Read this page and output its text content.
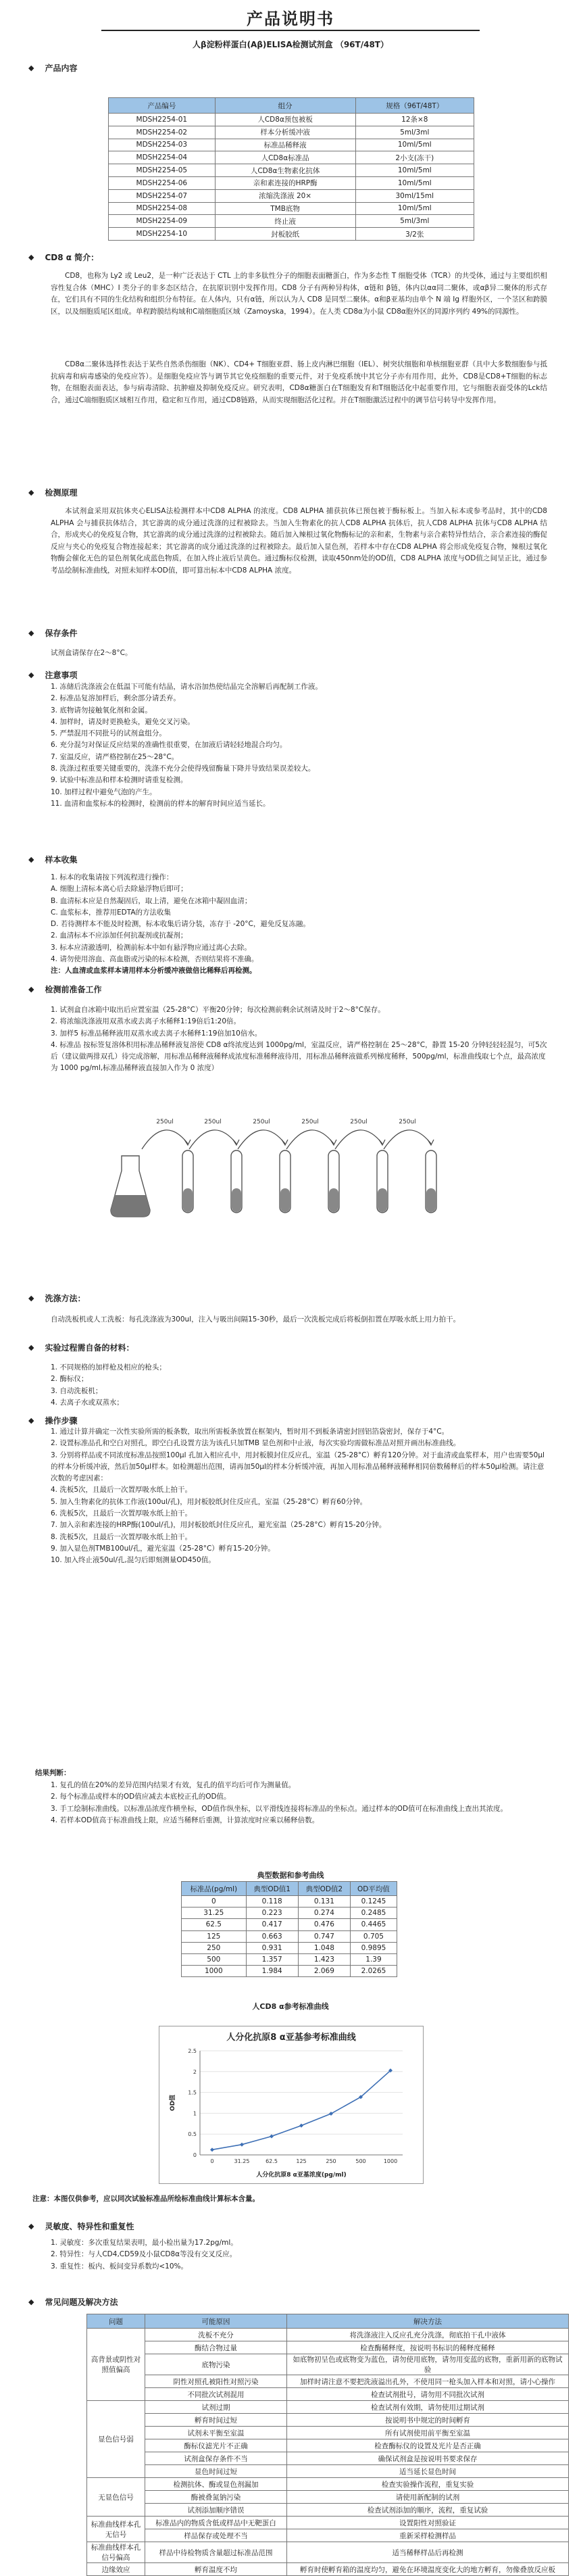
产品说明书
人β淀粉样蛋白(Aβ)ELISA检测试剂盒 （96T/48T）
◆ 产品内容
产品编号	组分	规格（96T/48T）
MDSH2254-01	人CD8α预包被板	12条×8
MDSH2254-02	样本分析缓冲液	5ml/3ml
MDSH2254-03	标准品稀释液	10ml/5ml
MDSH2254-04	人CD8α标准品	2小支(冻干)
MDSH2254-05	人CD8α生物素化抗体	10ml/5ml
MDSH2254-06	亲和素连接的HRP酶	10ml/5ml
MDSH2254-07	浓缩洗涤液 20×	30ml/15ml
MDSH2254-08	TMB底物	10ml/5ml
MDSH2254-09	终止液	5ml/3ml
MDSH2254-10	封板胶纸	3/2张
◆ CD8 α 简介：
CD8，也称为 Ly2 或 Leu2，是一种广泛表达于 CTL 上的非多肽性分子的细胞表面糖蛋白，作为多态性 T 细胞受体（TCR）的共受体，通过与主要组织相容性复合体（MHC）I 类分子的非多态区结合，在抗原识别中发挥作用。CD8 分子有两种异构体，α链和 β链，体内以αα同二聚体，或αβ异二聚体的形式存在，它们具有不同的生化结构和组织分布特征。在人体内，只有α链，所以认为人 CD8 是同型二聚体。α和β亚基均由单个 N 端 Ig 样胞外区，一个茎区和跨膜区，以及细胞质尾区组成。单程跨膜结构域和C端细胞质区域（Zamoyska，1994）。在人类 CD8α为小鼠 CD8α胞外区的同源序列约 49%的同源性。
CD8α二聚体选择性表达于某些自然杀伤细胞（NK）、CD4+ T细胞亚群、肠上皮内淋巴细胞（IEL）、树突状细胞和单核细胞亚群（具中大多数细胞参与抵抗病毒和病毒感染的免疫应答）。是细胞免疫应答与调节其它免疫细胞的重要元件，对于免疫系统中其它分子亦有用作用，此外，CD8是CD8+T细胞的标志物，在细胞表面表达，参与病毒清除、抗肿瘤及抑制免疫反应。研究表明，CD8α糖蛋白在T细胞发育和T细胞活化中起重要作用，它与细胞表面受体的Lck结合，通过C端细胞质区域相互作用，稳定和互作用，通过CD8链路，从而实现细胞活化过程。并在T细胞激活过程中的调节信号转导中发挥作用。
◆ 检测原理
本试剂盒采用双抗体夹心ELISA法检测样本中CD8 ALPHA 的浓度。CD8 ALPHA 捕获抗体已预包被于酶标板上。当加入标本或参考品时，其中的CD8 ALPHA 会与捕获抗体结合，其它游离的成分通过洗涤的过程被除去。当加入生物素化的抗人CD8 ALPHA 抗体后，抗人CD8 ALPHA 抗体与CD8 ALPHA 结合，形成夹心的免疫复合物，其它游离的成分通过洗涤的过程被除去。随后加入辣根过氧化物酶标记的亲和素，生物素与亲合素特异性结合，亲合素连接的酶促反应与夹心的免疫复合物连接起来；其它游离的成分通过洗涤的过程被除去。最后加入显色剂，若样本中存在CD8 ALPHA 将会形成免疫复合物，辣根过氧化物酶会催化无色的显色剂氧化成蓝色物质，在加入终止液后呈黄色。通过酶标仪检测，读取450nm处的OD值，CD8 ALPHA 浓度与OD值之间呈正比，通过参考品绘制标准曲线，对照未知样本OD值，即可算出标本中CD8 ALPHA 浓度。
◆ 保存条件
试剂盒请保存在2～8°C。
◆ 注意事项
1. 冻储后洗涤液会在低温下可能有结晶，请水浴加热使结晶完全溶解后再配制工作液。
2. 标准品复溶加样后，剩余部分请丢弃。
3. 底物请勿接触氧化剂和金属。
4. 加样时，请及时更换枪头，避免交叉污染。
5. 严禁混用不同批号的试剂盒组分。
6. 充分混匀对保证反应结果的准确性很重要，在加液后请轻轻地混合均匀。
7. 室温反应，请严格控制在25～28°C。
8. 洗涤过程重要关键重要的，洗涤不充分会使得残留酶量下降并导致结果误差较大。
9. 试验中标准品和样本检测时请重复检测。
10. 加样过程中避免气泡的产生。
11. 血清和血浆标本的检测时，检测前的样本的解育时间应适当延长。
◆ 样本收集
1. 标本的收集请按下列流程进行操作：
A. 细胞上清标本离心后去除悬浮物后即可；
B. 血清标本应是自然凝固后，取上清，避免在冰箱中凝固血清；
C. 血浆标本，推荐用EDTA的方法收集
D. 若待测样本不能及时检测，标本收集后请分装，冻存于 -20°C，避免反复冻融。
2. 血清标本不应添加任何抗凝剂或抗凝剂；
3. 标本应清澈透明，检测前标本中如有悬浮物应通过离心去除。
4. 请勿使用溶血、高血脂或污染的标本检测，否则结果将不准确。
注：人血清或血浆样本请用样本分析缓冲液做倍比稀释后再检测。
◆ 检测前准备工作
1. 试剂盒自冰箱中取出后应置室温（25-28°C）平衡20分钟；每次检测前剩余试剂请及时于2～8°C保存。
2. 将浓缩洗涤液用双蒸水或去离子水稀释1:19倍后1:20倍。
3. 加样5 标准品稀释液用双蒸水或去离子水稀释1:19倍加10倍水。
4. 标准品 按标签复溶体积用标准品稀释液复溶使 CD8 α终浓度达到 1000pg/ml，室温反应，请严格控制在 25～28°C，静置 15-20 分钟轻轻轻混匀，可5次后（建议做两排双孔）待完成溶解，用标准品稀释液稀释成浓度标准稀释液待用，用标准品稀释液做系列梯度稀释，500pg/ml，标准曲线取七个点，最高浓度为 1000 pg/ml,标准品稀释液直接加入作为 0 浓度）
250ul	250ul	250ul	250ul	250ul	250ul
◆ 洗涤方法：
自动洗板机或人工洗板：每孔洗涤液为300ul，注入与吸出间隔15-30秒，最后一次洗板完成后将板倒扣置在厚吸水纸上用力拍干。
◆ 实验过程需自备的材料：
1. 不同规格的加样枪及相应的枪头；
2. 酶标仪；
3. 自动洗板机；
4. 去离子水或双蒸水；
◆ 操作步骤
1. 通过计算并确定一次性实验所需的板条数，取出所需板条放置在框架内，暂时用不到板条请密封回铝箔袋密封，保存于4°C。
2. 设置标准品孔和空白对照孔，即空白孔设置方法为该孔只加TMB 显色剂和中止液，每次实验均需做标准品对照并画出标准曲线。
3. 分别将样品或不同浓度标准品按照100μl 孔加入相应孔中，用封板膜封住反应孔，室温（25-28°C）孵育120分钟。对于血清或血浆样本，用户也需要50μl的样本分析缓冲液，然后加50μl样本。如检测超出范围，请再加50μl的样本分析缓冲液，再加入用标准品稀释液稀释相同倍数稀释后的样本50μl检测。请注意次数的考虑因素：
4. 洗板5次，且最后一次置厚吸水纸上拍干。
5. 加入生物素化的抗体工作液(100ul/孔)，用封板胶纸封住反应孔，室温（25-28°C）孵育60分钟。
6. 洗板5次，且最后一次置厚吸水纸上拍干。
7. 加入亲和素连接的HRP酶(100ul/孔)，用封板胶纸封住反应孔，避光室温（25-28°C）孵育15-20分钟。
8. 洗板5次，且最后一次置厚吸水纸上拍干。
9. 加入显色剂TMB100ul/孔，避光室温（25-28°C）孵育15-20分钟。
10. 加入终止液50ul/孔,混匀后即刻测量OD450值。
结果判断：
1. 复孔的值在20%的差异范围内结果才有效，复孔的值平均后可作为测量值。
2. 每个标准品或样本的OD值应减去本底校正孔的OD值。
3. 手工绘制标准曲线。以标准品浓度作横坐标，OD值作纵坐标，以平滑线连接将标准品的坐标点。通过样本的OD值可在标准曲线上查出其浓度。
4. 若样本OD值高于标准曲线上限，应适当稀释后重测，计算浓度时应乘以稀释倍数。
典型数据和参考曲线
标准品(pg/ml)	典型OD值1	典型OD值2	OD平均值
0	0.118	0.131	0.1245
31.25	0.223	0.274	0.2485
62.5	0.417	0.476	0.4465
125	0.663	0.747	0.705
250	0.931	1.048	0.9895
500	1.357	1.423	1.39
1000	1.984	2.069	2.0265
人CD8 α参考标准曲线
人分化抗原8 α亚基参考标准曲线
0
0.5
1
1.5
2
2.5
0	31.25	62.5	125	250	500	1000
人分化抗原8 α亚基浓度(pg/ml)
OD值
注意：本图仅供参考，应以同次试验标准品所绘标准曲线计算标本含量。
◆ 灵敏度、特异性和重复性
1. 灵敏度：多次重复结果表明，最小检出量为17.2pg/ml。
2. 特异性：与人CD4,CD59及小鼠CD8α等没有交叉反应。
3. 重复性：板内、板间变异系数均<10%。
◆ 常见问题及解决方法
问题	可能原因	解决方法
高背景或阴性对照值偏高	洗板不充分	将洗涤液注入反应孔充分洗涤，彻底拍干孔中液体
	酶结合物过量	检查酶稀释度，按说明书标识的稀释度稀释
	底物污染	如底物初呈色或底物变为蓝色，请勿使用底物，请勿用变蓝的底物，重新用新的底物试验
	阴性对照孔被阳性对照污染	加样时请注意不要把洗液溢出孔外，不使用同一枪头加入样本和对照，请小心操作
	不同批次试剂混用	检查试剂批号，请勿用不同批次试剂
显色信号弱	试剂过期	检查试剂有效期，请勿使用过期试剂
	孵育时间过短	按说明书中规定的时间孵育
	试剂未平衡至室温	所有试剂使用前平衡至室温
	酶标仪滤光片不正确	检查酶标仪的设置及光片是否正确
	试剂盒保存条件不当	确保试剂盒是按说明书要求保存
	显色时间过短	适当延长显色时间
无显色信号	检测抗体、酶或显色剂漏加	检查实验操作流程，重复实验
	酶被叠氮钠污染	请使用新配制的试剂
	试剂添加顺序错误	检查试剂添加的顺序，流程，重复试验
标准曲线样本孔无信号	标准品内的物质含低或样品中无靶蛋白	设置阳性对照验证
	样品保存或处理不当	重新采样检测样品
标准曲线样本孔信号偏高	样品中待检物质含量超过标准品范围	适当稀释样品后再检测
边缘效应	孵育温度不均	孵育时使孵育箱的温度均匀，避免在环境温度变化大的地方孵育，勿像叠放反应板
